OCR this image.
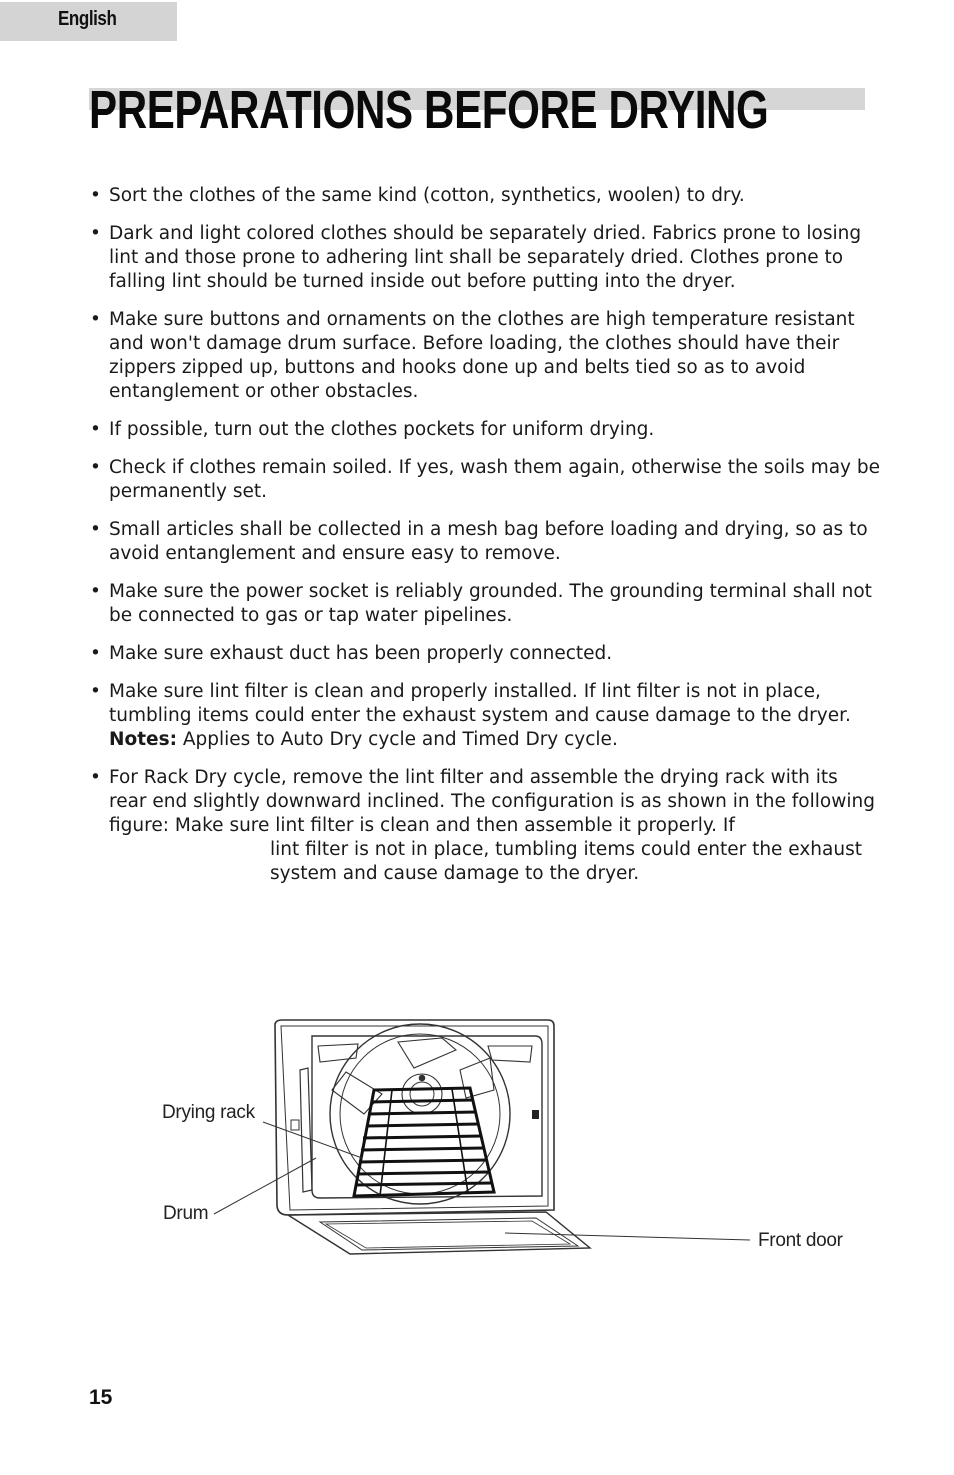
English
PREPARATIONS BEFORE DRYING
• Sort the clothes of the same kind (cotton, synthetics, woolen) to dry.
• Dark and light colored clothes should be separately dried. Fabrics prone to losing lint and those prone to adhering lint shall be separately dried. Clothes prone to falling lint should be turned inside out before putting into the dryer.
• Make sure buttons and ornaments on the clothes are high temperature resistant and won't damage drum surface. Before loading, the clothes should have their zippers zipped up, buttons and hooks done up and belts tied so as to avoid entanglement or other obstacles.
• If possible, turn out the clothes pockets for uniform drying.
• Check if clothes remain soiled. If yes, wash them again, otherwise the soils may be permanently set.
• Small articles shall be collected in a mesh bag before loading and drying, so as to avoid entanglement and ensure easy to remove.
• Make sure the power socket is reliably grounded. The grounding terminal shall not be connected to gas or tap water pipelines.
• Make sure exhaust duct has been properly connected.
• Make sure lint filter is clean and properly installed. If lint filter is not in place, tumbling items could enter the exhaust system and cause damage to the dryer.
Notes: Applies to Auto Dry cycle and Timed Dry cycle.
• For Rack Dry cycle, remove the lint filter and assemble the drying rack with its rear end slightly downward inclined. The configuration is as shown in the following figure: Make sure lint filter is clean and then assemble it properly. If
lint filter is not in place, tumbling items could enter the exhaust system and cause damage to the dryer.
Drying rack
Drum
Front door
15
